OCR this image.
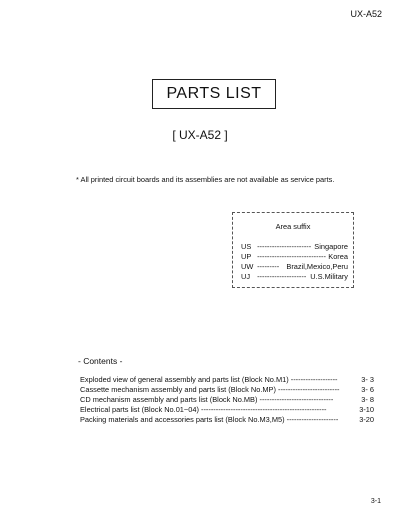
UX-A52
PARTS LIST
[ UX-A52 ]
* All printed circuit boards and its assemblies are not available as service parts.
Area suffix
US ---------------------- Singapore
UP ---------------------------- Korea
UW --------- Brazil,Mexico,Peru
UJ -------------------- U.S.Military
- Contents -
Exploded view of general assembly and parts list (Block No.M1) -------------------	3- 3
Cassette mechanism assembly and parts list (Block No.MP) -------------------------	3- 6
CD mechanism assembly and parts list (Block No.MB) ------------------------------	3- 8
Electrical parts list (Block No.01~04) ---------------------------------------------------	3-10
Packing materials and accessories parts list (Block No.M3,M5) ---------------------	3-20
3-1
